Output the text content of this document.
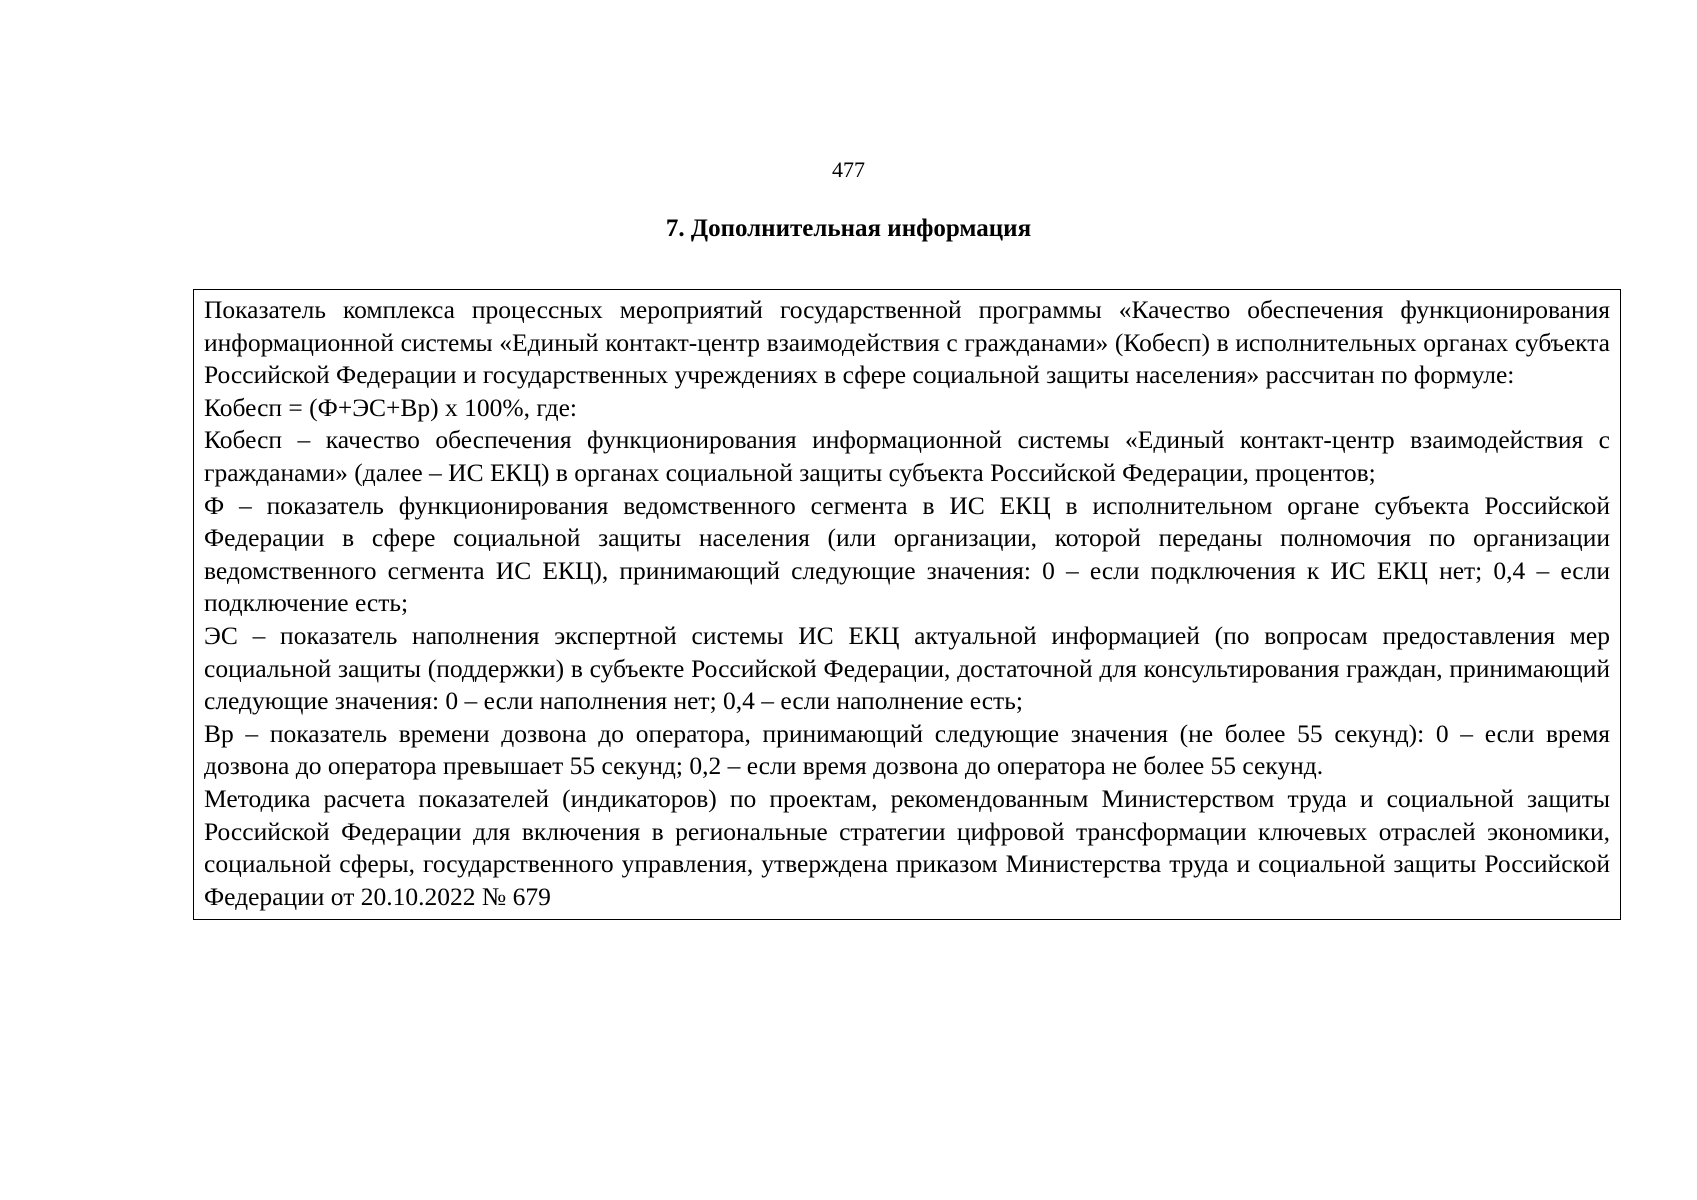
477
7. Дополнительная информация

Показатель комплекса процессных мероприятий государственной программы «Качество обеспечения функционирования информационной системы «Единый контакт-центр взаимодействия с гражданами» (Кобесп) в исполнительных органах субъекта Российской Федерации и государственных учреждениях в сфере социальной защиты населения» рассчитан по формуле:

Кобесп = (Ф+ЭС+Вр) х 100%, где:

Кобесп – качество обеспечения функционирования информационной системы «Единый контакт-центр взаимодействия с гражданами» (далее – ИС ЕКЦ) в органах социальной защиты субъекта Российской Федерации, процентов;

Ф – показатель функционирования ведомственного сегмента в ИС ЕКЦ в исполнительном органе субъекта Российской Федерации в сфере социальной защиты населения (или организации, которой переданы полномочия по организации ведомственного сегмента ИС ЕКЦ), принимающий следующие значения: 0 – если подключения к ИС ЕКЦ нет; 0,4 – если подключение есть;

ЭС – показатель наполнения экспертной системы ИС ЕКЦ актуальной информацией (по вопросам предоставления мер социальной защиты (поддержки) в субъекте Российской Федерации, достаточной для консультирования граждан, принимающий следующие значения: 0 – если наполнения нет; 0,4 – если наполнение есть;

Вр – показатель времени дозвона до оператора, принимающий следующие значения (не более 55 секунд): 0 – если время дозвона до оператора превышает 55 секунд; 0,2 – если время дозвона до оператора не более 55 секунд.

Методика расчета показателей (индикаторов) по проектам, рекомендованным Министерством труда и социальной защиты Российской Федерации для включения в региональные стратегии цифровой трансформации ключевых отраслей экономики, социальной сферы, государственного управления, утверждена приказом Министерства труда и социальной защиты Российской Федерации от 20.10.2022 № 679
